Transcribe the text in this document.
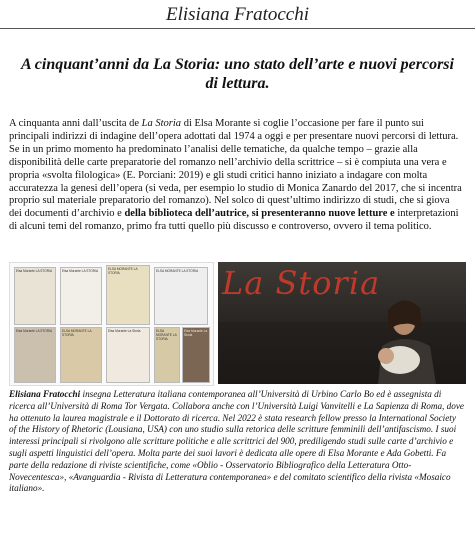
Elisiana Fratocchi
A cinquant’anni da La Storia: uno stato dell’arte e nuovi percorsi di lettura.
A cinquanta anni dall’uscita de La Storia di Elsa Morante si coglie l’occasione per fare il punto sui principali indirizzi di indagine dell’opera adottati dal 1974 a oggi e per presentare nuovi percorsi di lettura. Se in un primo momento ha predominato l’analisi delle tematiche, da qualche tempo – grazie alla disponibilità delle carte preparatorie del romanzo nell’archivio della scrittrice – si è compiuta una vera e propria «svolta filologica» (E. Porciani: 2019) e gli studi critici hanno iniziato a indagare con molta accuratezza la genesi dell’opera (si veda, per esempio lo studio di Monica Zanardo del 2017, che si incentra proprio sul materiale preparatorio del romanzo). Nel solco di quest’ultimo indirizzo di studi, che si giova dei documenti d’archivio e della biblioteca dell’autrice, si presenteranno nuove letture e interpretazioni di alcuni temi del romanzo, primo fra tutti quello più discusso e controverso, ovvero il tema politico.
Elsa Morante LA STORIA	Elsa Morante LA STORIA	ELSA MORANTE LA STORIA	ELSA MORANTE LA STORIA
Elsa Morante LA STORIA	ELSA MORANTE LA STORIA
Elsa Morante La Storia	ELSA MORANTE LA STORIA
Elsa Morante La Storia
La Storia
Elisiana Fratocchi insegna Letteratura italiana contemporanea all’Università di Urbino Carlo Bo ed è assegnista di ricerca all’Università di Roma Tor Vergata. Collabora anche con l’Università Luigi Vanvitelli e La Sapienza di Roma, dove ha ottenuto la laurea magistrale e il Dottorato di ricerca. Nel 2022 è stata research fellow presso la International Society of the History of Rhetoric (Lousiana, USA) con uno studio sulla retorica delle scritture femminili dell’antifascismo. I suoi interessi principali si rivolgono alle scritture politiche e alle scrittrici del 900, prediligendo studi sulle carte d’archivio e sugli aspetti linguistici dell’opera. Molta parte dei suoi lavori è dedicata alle opere di Elsa Morante e Ada Gobetti. Fa parte della redazione di riviste scientifiche, come «Oblio - Osservatorio Bibliografico della Letteratura Otto-Novecentesca», «Avanguardia - Rivista di Letteratura contemporanea» e del comitato scientifico della rivista «Mosaico italiano».
